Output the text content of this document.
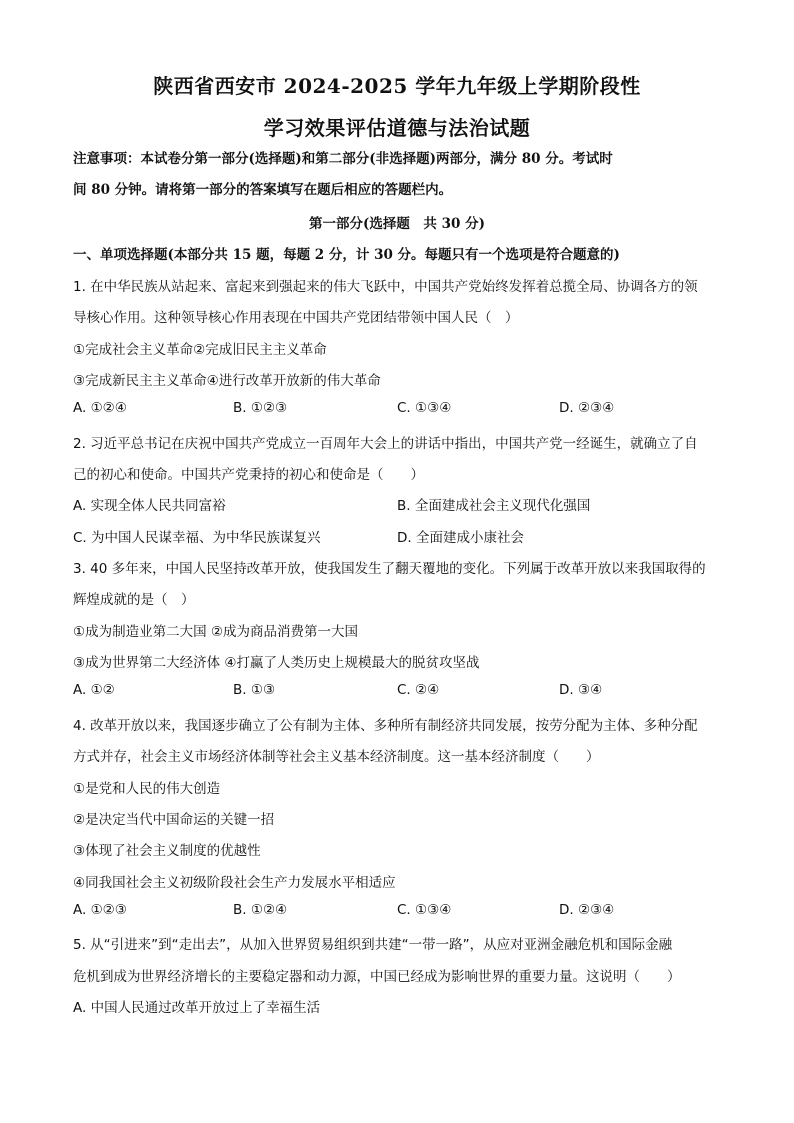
陕西省西安市 2024-2025 学年九年级上学期阶段性
学习效果评估道德与法治试题
注意事项：本试卷分第一部分(选择题)和第二部分(非选择题)两部分，满分 80 分。考试时
间 80 分钟。请将第一部分的答案填写在题后相应的答题栏内。
第一部分(选择题　共 30 分)
一、单项选择题(本部分共 15 题，每题 2 分，计 30 分。每题只有一个选项是符合题意的)
1. 在中华民族从站起来、富起来到强起来的伟大飞跃中，中国共产党始终发挥着总揽全局、协调各方的领
导核心作用。这种领导核心作用表现在中国共产党团结带领中国人民（　）
①完成社会主义革命②完成旧民主主义革命
③完成新民主主义革命④进行改革开放新的伟大革命
A. ①②④	B. ①②③	C. ①③④	D. ②③④
2. 习近平总书记在庆祝中国共产党成立一百周年大会上的讲话中指出，中国共产党一经诞生，就确立了自
己的初心和使命。中国共产党秉持的初心和使命是（　　）
A. 实现全体人民共同富裕	B. 全面建成社会主义现代化强国
C. 为中国人民谋幸福、为中华民族谋复兴	D. 全面建成小康社会
3. 40 多年来，中国人民坚持改革开放，使我国发生了翻天覆地的变化。下列属于改革开放以来我国取得的
辉煌成就的是（　）
①成为制造业第二大国 ②成为商品消费第一大国
③成为世界第二大经济体 ④打赢了人类历史上规模最大的脱贫攻坚战
A. ①②	B. ①③	C. ②④	D. ③④
4. 改革开放以来，我国逐步确立了公有制为主体、多种所有制经济共同发展，按劳分配为主体、多种分配
方式并存，社会主义市场经济体制等社会主义基本经济制度。这一基本经济制度（　　）
①是党和人民的伟大创造
②是决定当代中国命运的关键一招
③体现了社会主义制度的优越性
④同我国社会主义初级阶段社会生产力发展水平相适应
A. ①②③	B. ①②④	C. ①③④	D. ②③④
5. 从“引进来”到“走出去”，从加入世界贸易组织到共建“一带一路”，从应对亚洲金融危机和国际金融
危机到成为世界经济增长的主要稳定器和动力源，中国已经成为影响世界的重要力量。这说明（　　）
A. 中国人民通过改革开放过上了幸福生活
